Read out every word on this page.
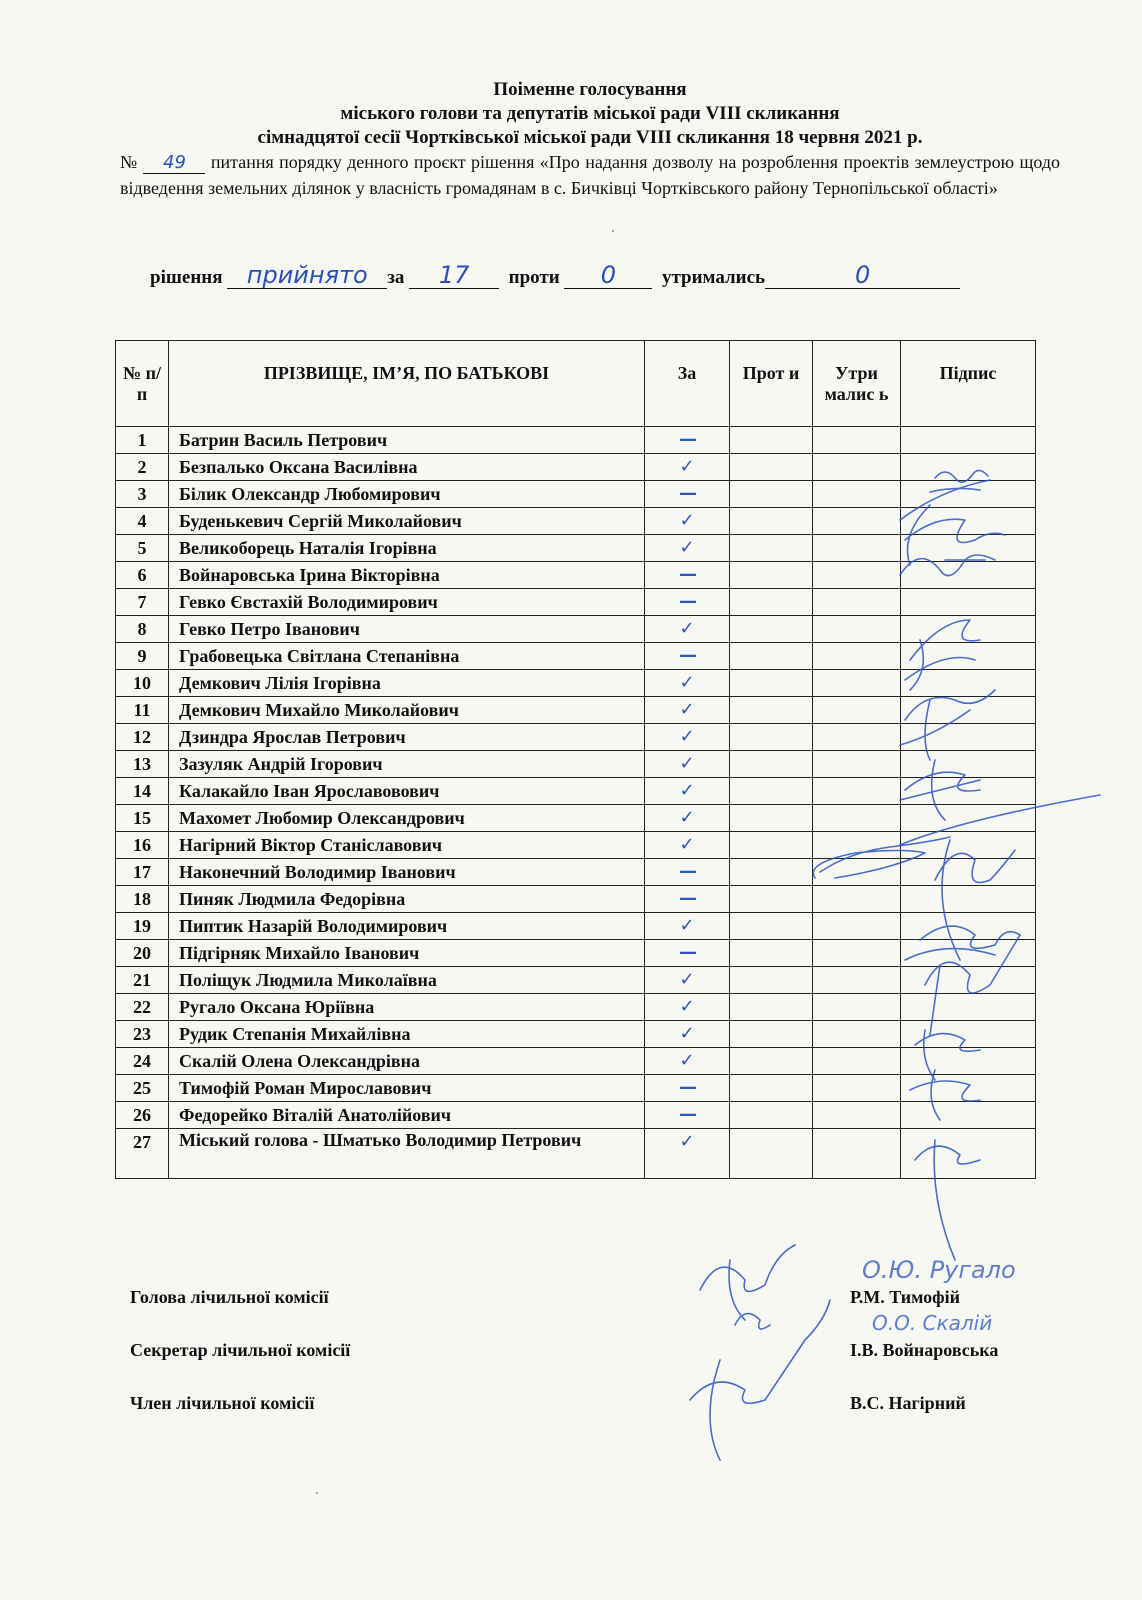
Поіменне голосування
міського голови та депутатів міської ради VIII скликання
сімнадцятої сесії Чортківської міської ради VIII скликання 18 червня 2021 р.
№ 49 питання порядку денного проєкт рішення «Про надання дозволу на розроблення проектів землеустрою щодо відведення земельних ділянок у власність громадянам в с. Бичківці Чортківського району Тернопільської області»
рішення прийнято за 17 проти 0 утримались	0
№ п/п	ПРІЗВИЩЕ, ІМ’Я, ПО БАТЬКОВІ	За	Прот и	Утри малис ь	Підпис
1	Батрин Василь Петрович	—			
2	Безпалько Оксана Василівна	✓			
3	Білик Олександр Любомирович	—			
4	Буденькевич Сергій Миколайович	✓			
5	Великоборець Наталія Ігорівна	✓			
6	Войнаровська Ірина Вікторівна	—			
7	Гевко Євстахій Володимирович	—			
8	Гевко Петро Іванович	✓			
9	Грабовецька Світлана Степанівна	—			
10	Демкович Лілія Ігорівна	✓			
11	Демкович Михайло Миколайович	✓			
12	Дзиндра Ярослав Петрович	✓			
13	Зазуляк Андрій Ігорович	✓			
14	Калакайло Іван Ярославовович	✓			
15	Махомет Любомир Олександрович	✓			
16	Нагірний Віктор Станіславович	✓			
17	Наконечний Володимир Іванович	—			
18	Пиняк Людмила Федорівна	—			
19	Пиптик Назарій Володимирович	✓			
20	Підгірняк Михайло Іванович	—			
21	Поліщук Людмила Миколаївна	✓			
22	Ругало Оксана Юріївна	✓			
23	Рудик Степанія Михайлівна	✓			
24	Скалій Олена Олександрівна	✓			
25	Тимофій Роман Мирославович	—			
26	Федорейко Віталій Анатолійович	—			
27	Міський голова - Шматько Володимир Петрович	✓			
О.Ю. Ругало
О.О. Скалій
Голова лічильної комісії	Р.М. Тимофій
Секретар лічильної комісії	І.В. Войнаровська
Член лічильної комісії	В.С. Нагірний
